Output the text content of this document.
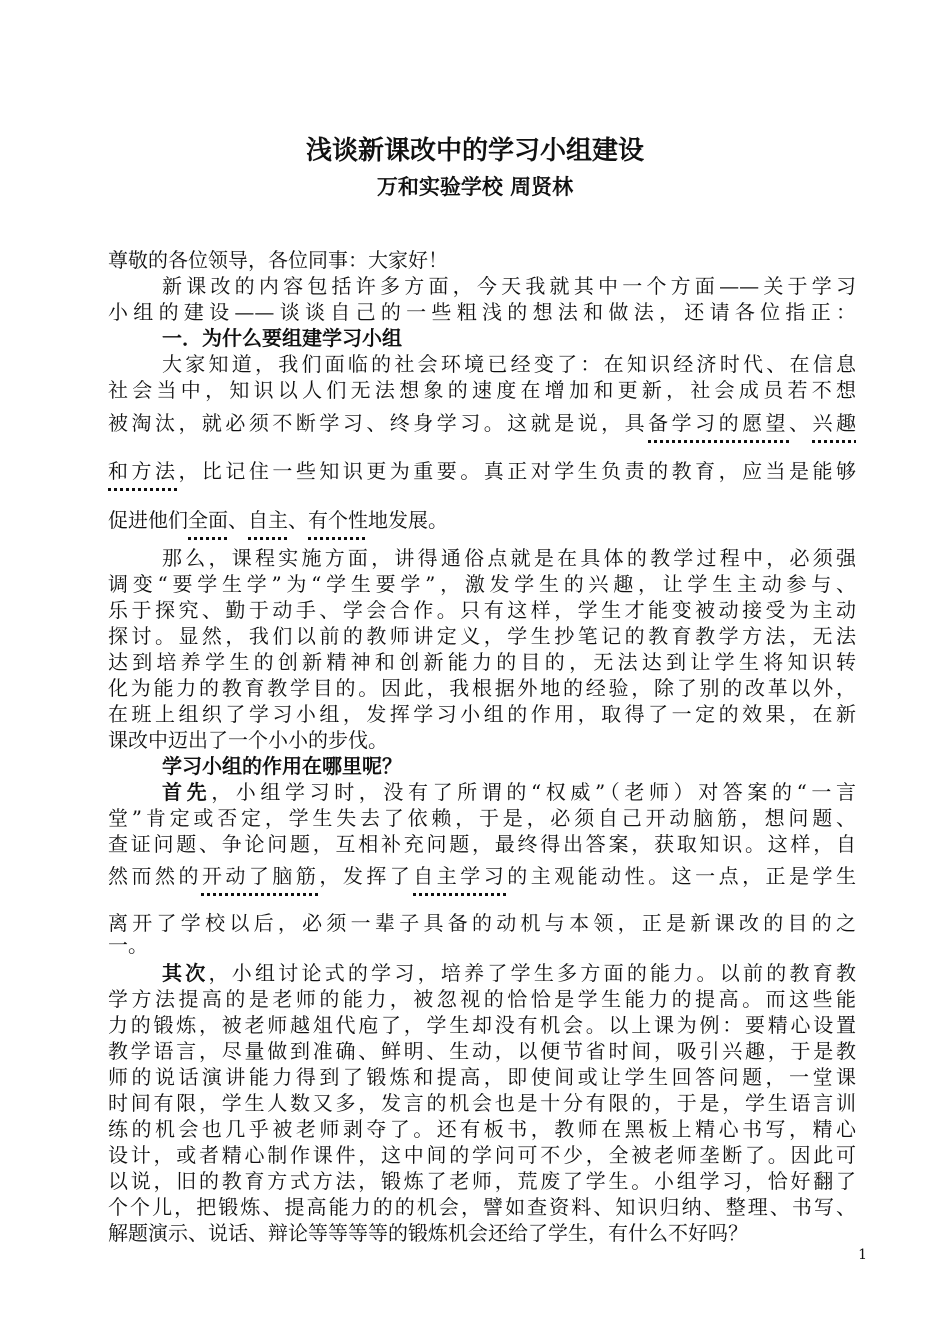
浅谈新课改中的学习小组建设
万和实验学校 周贤林
尊敬的各位领导，各位同事：大家好！
新课改的内容包括许多方面，今天我就其中一个方面——关于学习
小组的建设——谈谈自己的一些粗浅的想法和做法，还请各位指正：
一．为什么要组建学习小组
大家知道，我们面临的社会环境已经变了：在知识经济时代、在信息
社会当中，知识以人们无法想象的速度在增加和更新，社会成员若不想
被淘汰，就必须不断学习、终身学习。这就是说，具备学习的愿望、兴趣
和方法，比记住一些知识更为重要。真正对学生负责的教育，应当是能够
促进他们全面、自主、有个性地发展。
那么，课程实施方面，讲得通俗点就是在具体的教学过程中，必须强
调变“要学生学”为“学生要学”，激发学生的兴趣，让学生主动参与、
乐于探究、勤于动手、学会合作。只有这样，学生才能变被动接受为主动
探讨。显然，我们以前的教师讲定义，学生抄笔记的教育教学方法，无法
达到培养学生的创新精神和创新能力的目的，无法达到让学生将知识转
化为能力的教育教学目的。因此，我根据外地的经验，除了别的改革以外，
在班上组织了学习小组，发挥学习小组的作用，取得了一定的效果，在新
课改中迈出了一个小小的步伐。
学习小组的作用在哪里呢？
首先，小组学习时，没有了所谓的“权威”（老师）对答案的“一言
堂”肯定或否定，学生失去了依赖，于是，必须自己开动脑筋，想问题、
查证问题、争论问题，互相补充问题，最终得出答案，获取知识。这样，自
然而然的开动了脑筋，发挥了自主学习的主观能动性。这一点，正是学生
离开了学校以后，必须一辈子具备的动机与本领，正是新课改的目的之
一。
其次，小组讨论式的学习，培养了学生多方面的能力。以前的教育教
学方法提高的是老师的能力，被忽视的恰恰是学生能力的提高。而这些能
力的锻炼，被老师越俎代庖了，学生却没有机会。以上课为例：要精心设置
教学语言，尽量做到准确、鲜明、生动，以便节省时间，吸引兴趣，于是教
师的说话演讲能力得到了锻炼和提高，即使间或让学生回答问题，一堂课
时间有限，学生人数又多，发言的机会也是十分有限的，于是，学生语言训
练的机会也几乎被老师剥夺了。还有板书，教师在黑板上精心书写，精心
设计，或者精心制作课件，这中间的学问可不少，全被老师垄断了。因此可
以说，旧的教育方式方法，锻炼了老师，荒废了学生。小组学习，恰好翻了
个个儿，把锻炼、提高能力的的机会，譬如查资料、知识归纳、整理、书写、
解题演示、说话、辩论等等等等的锻炼机会还给了学生，有什么不好吗？
1
